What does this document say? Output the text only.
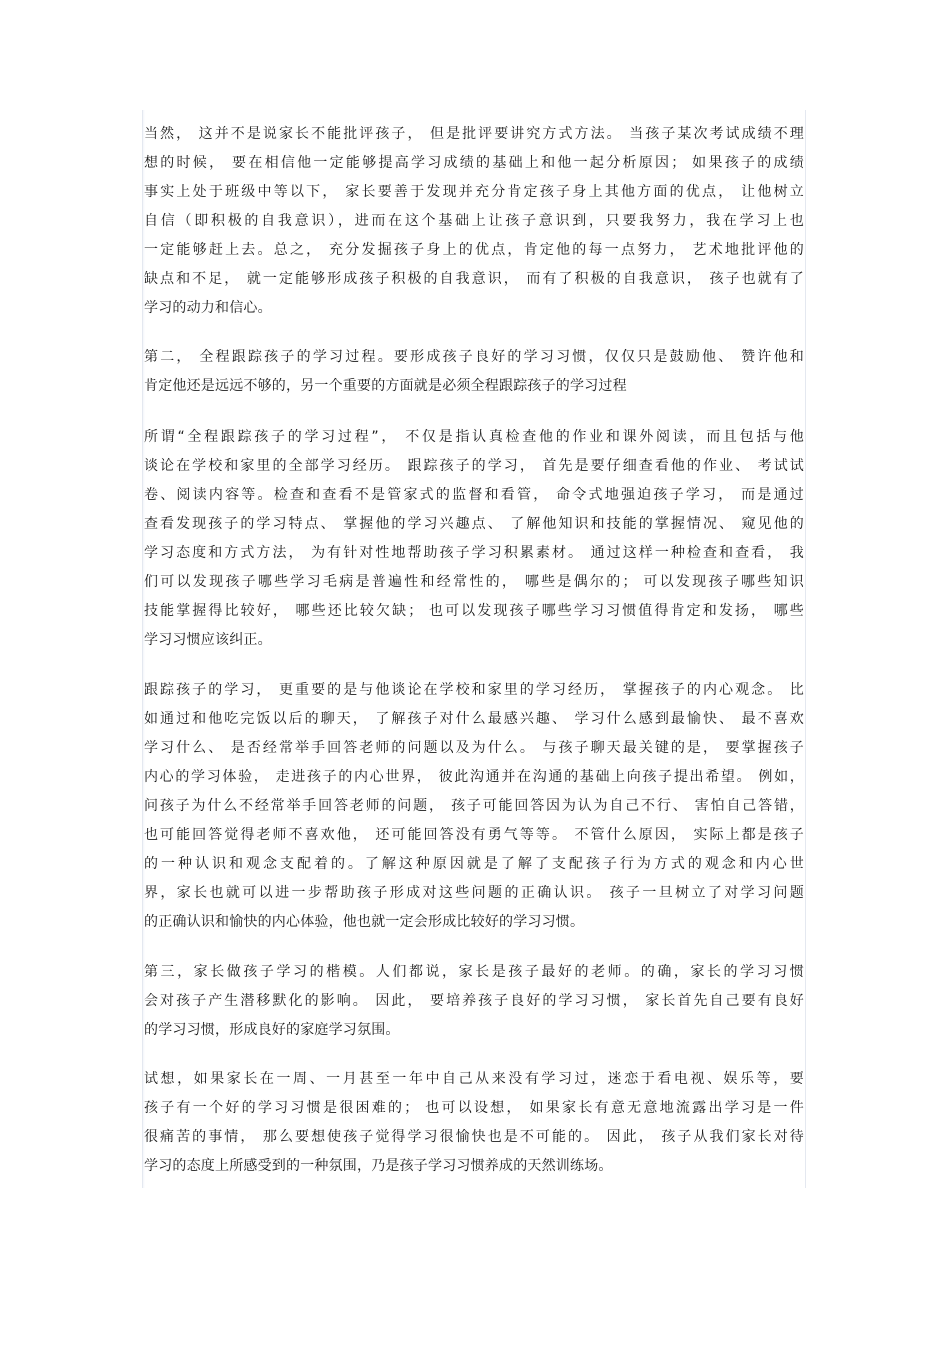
当然， 这并不是说家长不能批评孩子， 但是批评要讲究方式方法。 当孩子某次考试成绩不理
想的时候， 要在相信他一定能够提高学习成绩的基础上和他一起分析原因； 如果孩子的成绩
事实上处于班级中等以下， 家长要善于发现并充分肯定孩子身上其他方面的优点， 让他树立
自信（即积极的自我意识），进而在这个基础上让孩子意识到，只要我努力，我在学习上也
一定能够赶上去。总之， 充分发掘孩子身上的优点，肯定他的每一点努力， 艺术地批评他的
缺点和不足， 就一定能够形成孩子积极的自我意识， 而有了积极的自我意识， 孩子也就有了
学习的动力和信心。
第二， 全程跟踪孩子的学习过程。要形成孩子良好的学习习惯，仅仅只是鼓励他、 赞许他和
肯定他还是远远不够的，另一个重要的方面就是必须全程跟踪孩子的学习过程
所谓“全程跟踪孩子的学习过程”， 不仅是指认真检查他的作业和课外阅读，而且包括与他
谈论在学校和家里的全部学习经历。 跟踪孩子的学习， 首先是要仔细查看他的作业、 考试试
卷、阅读内容等。检查和查看不是管家式的监督和看管， 命令式地强迫孩子学习， 而是通过
查看发现孩子的学习特点、 掌握他的学习兴趣点、 了解他知识和技能的掌握情况、 窥见他的
学习态度和方式方法， 为有针对性地帮助孩子学习积累素材。 通过这样一种检查和查看， 我
们可以发现孩子哪些学习毛病是普遍性和经常性的， 哪些是偶尔的； 可以发现孩子哪些知识
技能掌握得比较好， 哪些还比较欠缺； 也可以发现孩子哪些学习习惯值得肯定和发扬， 哪些
学习习惯应该纠正。
跟踪孩子的学习， 更重要的是与他谈论在学校和家里的学习经历， 掌握孩子的内心观念。 比
如通过和他吃完饭以后的聊天， 了解孩子对什么最感兴趣、 学习什么感到最愉快、 最不喜欢
学习什么、 是否经常举手回答老师的问题以及为什么。 与孩子聊天最关键的是， 要掌握孩子
内心的学习体验， 走进孩子的内心世界， 彼此沟通并在沟通的基础上向孩子提出希望。 例如，
问孩子为什么不经常举手回答老师的问题， 孩子可能回答因为认为自己不行、 害怕自己答错，
也可能回答觉得老师不喜欢他， 还可能回答没有勇气等等。 不管什么原因， 实际上都是孩子
的一种认识和观念支配着的。了解这种原因就是了解了支配孩子行为方式的观念和内心世
界，家长也就可以进一步帮助孩子形成对这些问题的正确认识。 孩子一旦树立了对学习问题
的正确认识和愉快的内心体验，他也就一定会形成比较好的学习习惯。
第三，家长做孩子学习的楷模。人们都说，家长是孩子最好的老师。的确，家长的学习习惯
会对孩子产生潜移默化的影响。 因此， 要培养孩子良好的学习习惯， 家长首先自己要有良好
的学习习惯，形成良好的家庭学习氛围。
试想，如果家长在一周、一月甚至一年中自己从来没有学习过，迷恋于看电视、娱乐等，要
孩子有一个好的学习习惯是很困难的； 也可以设想， 如果家长有意无意地流露出学习是一件
很痛苦的事情， 那么要想使孩子觉得学习很愉快也是不可能的。 因此， 孩子从我们家长对待
学习的态度上所感受到的一种氛围，乃是孩子学习习惯养成的天然训练场。
